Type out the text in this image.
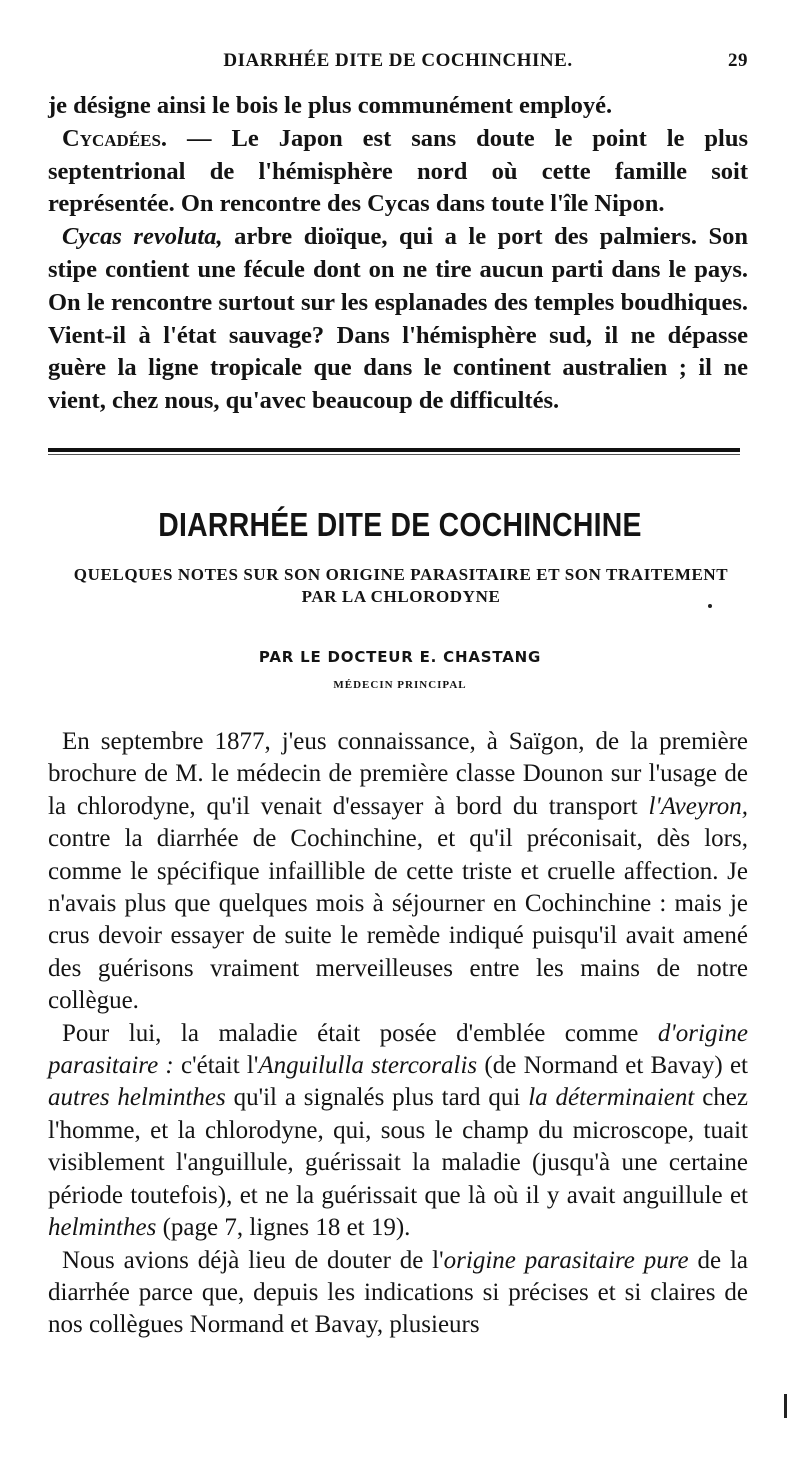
DIARRHÉE DITE DE COCHINCHINE.	29

je désigne ainsi le bois le plus communément employé.

Cycadées. — Le Japon est sans doute le point le plus septentrional de l'hémisphère nord où cette famille soit représentée. On rencontre des Cycas dans toute l'île Nipon.

Cycas revoluta, arbre dioïque, qui a le port des palmiers. Son stipe contient une fécule dont on ne tire aucun parti dans le pays. On le rencontre surtout sur les esplanades des temples boudhiques. Vient-il à l'état sauvage? Dans l'hémisphère sud, il ne dépasse guère la ligne tropicale que dans le continent australien ; il ne vient, chez nous, qu'avec beaucoup de difficultés.

DIARRHÉE DITE DE COCHINCHINE
QUELQUES NOTES SUR SON ORIGINE PARASITAIRE ET SON TRAITEMENT
PAR LA CHLORODYNE
PAR LE DOCTEUR E. CHASTANG
MÉDECIN PRINCIPAL

En septembre 1877, j'eus connaissance, à Saïgon, de la première brochure de M. le médecin de première classe Dounon sur l'usage de la chlorodyne, qu'il venait d'essayer à bord du transport l'Aveyron, contre la diarrhée de Cochinchine, et qu'il préconisait, dès lors, comme le spécifique infaillible de cette triste et cruelle affection. Je n'avais plus que quelques mois à séjourner en Cochinchine : mais je crus devoir essayer de suite le remède indiqué puisqu'il avait amené des guérisons vraiment merveilleuses entre les mains de notre collègue.

Pour lui, la maladie était posée d'emblée comme d'origine parasitaire : c'était l'Anguilulla stercoralis (de Normand et Bavay) et autres helminthes qu'il a signalés plus tard qui la déterminaient chez l'homme, et la chlorodyne, qui, sous le champ du microscope, tuait visiblement l'anguillule, guérissait la maladie (jusqu'à une certaine période toutefois), et ne la guérissait que là où il y avait anguillule et helminthes (page 7, lignes 18 et 19).

Nous avions déjà lieu de douter de l'origine parasitaire pure de la diarrhée parce que, depuis les indications si précises et si claires de nos collègues Normand et Bavay, plusieurs
